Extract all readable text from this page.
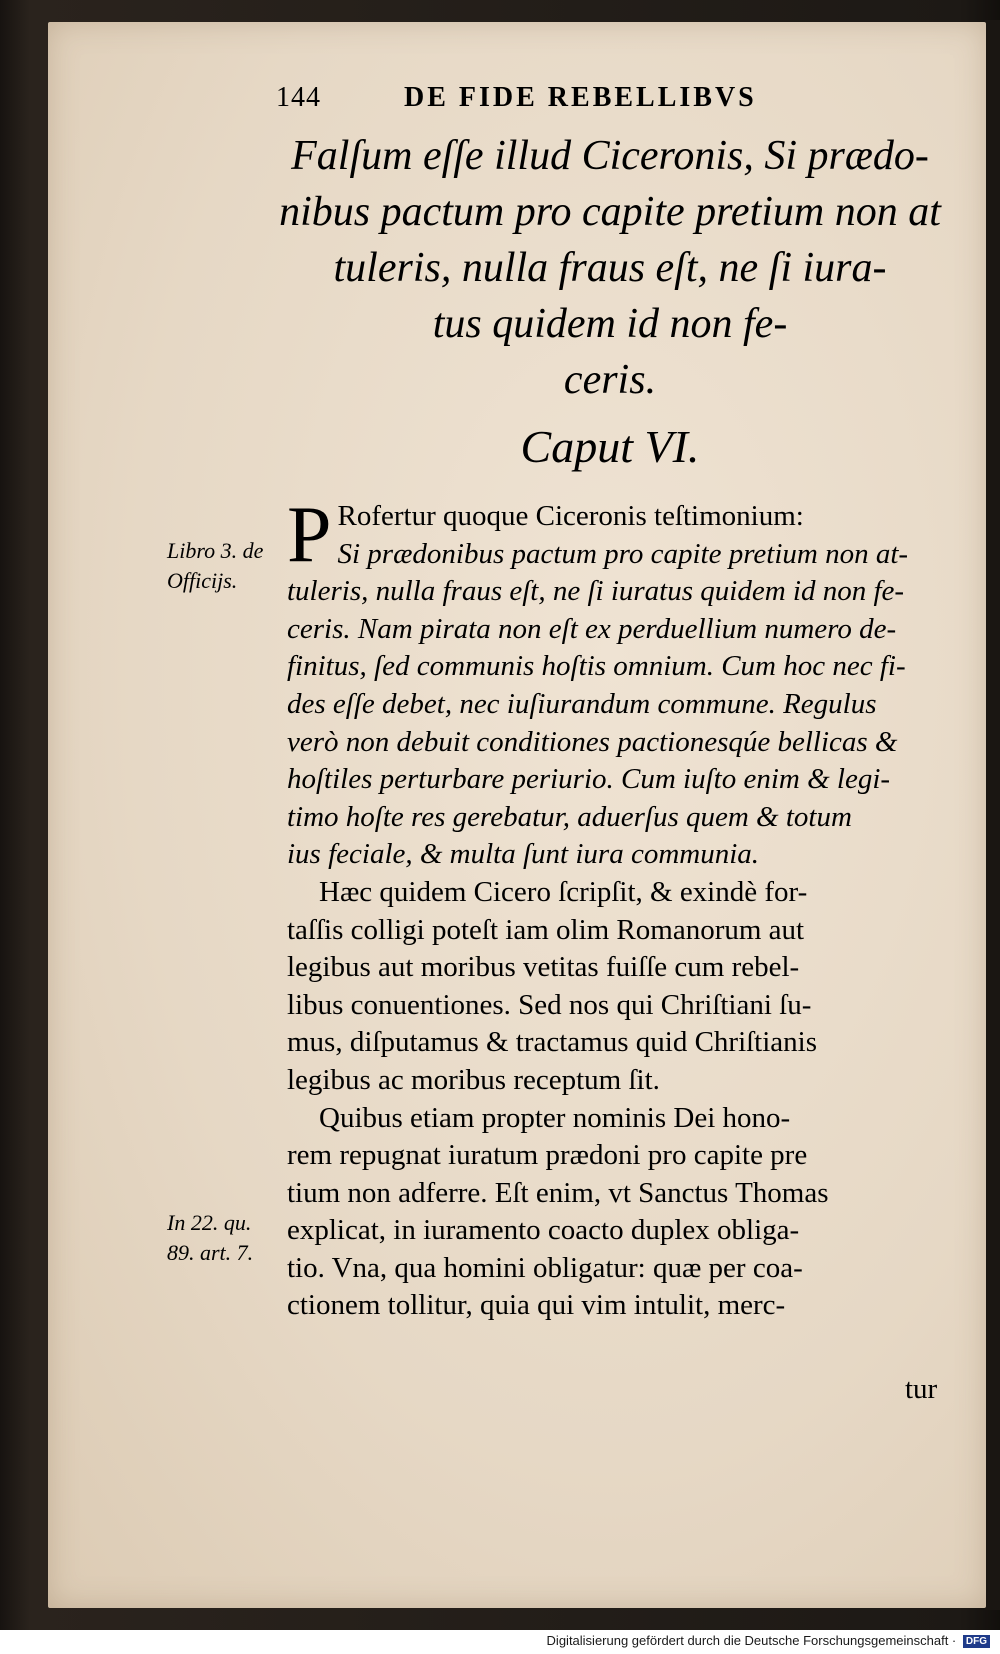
144	DE FIDE REBELLIBVS
Falſum eſſe illud Ciceronis, Si prædo-
nibus pactum pro capite pretium non at
tuleris, nulla fraus eſt, ne ſi iura-
tus quidem id non fe-
ceris.
Caput VI.
Libro 3. de
Officijs.
In 22. qu.
89. art. 7.
P Rofertur quoque Ciceronis teſtimonium:
Si prædonibus pactum pro capite pretium non at-
tuleris, nulla fraus eſt, ne ſi iuratus quidem id non fe-
ceris. Nam pirata non eſt ex perduellium numero de-
finitus, ſed communis hoſtis omnium. Cum hoc nec fi-
des eſſe debet, nec iuſiurandum commune. Regulus
verò non debuit conditiones pactionesqúe bellicas &
hoſtiles perturbare periurio. Cum iuſto enim & legi-
timo hoſte res gerebatur, aduerſus quem & totum
ius feciale, & multa ſunt iura communia.
Hæc quidem Cicero ſcripſit, & exindè for-
taſſis colligi poteſt iam olim Romanorum aut
legibus aut moribus vetitas fuiſſe cum rebel-
libus conuentiones. Sed nos qui Chriſtiani ſu-
mus, diſputamus & tractamus quid Chriſtianis
legibus ac moribus receptum ſit.
Quibus etiam propter nominis Dei hono-
rem repugnat iuratum prædoni pro capite pre
tium non adferre. Eſt enim, vt Sanctus Thomas
explicat, in iuramento coacto duplex obliga-
tio. Vna, qua homini obligatur: quæ per coa-
ctionem tollitur, quia qui vim intulit, merc-
tur
Digitalisierung gefördert durch die Deutsche Forschungsgemeinschaft · DFG
